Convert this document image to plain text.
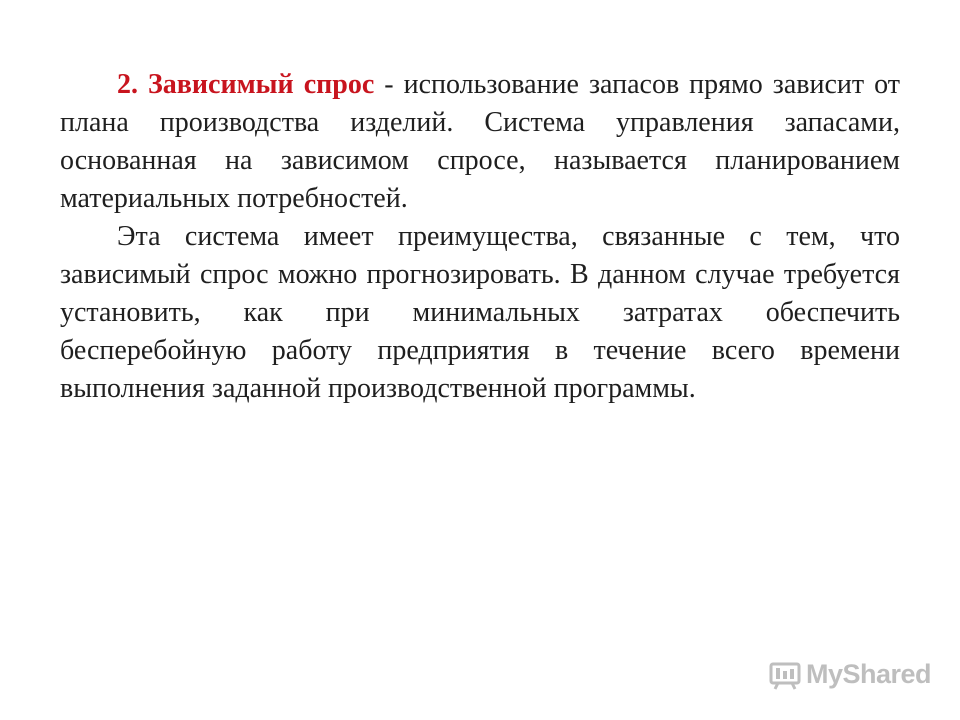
2. Зависимый спрос - использование запасов прямо зависит от плана производства изделий. Система управления запасами, основанная на зависимом спросе, называется планированием материальных потребностей.

Эта система имеет преимущества, связанные с тем, что зависимый спрос можно прогнозировать. В данном случае требуется установить, как при минимальных затратах обеспечить бесперебойную работу предприятия в течение всего времени выполнения заданной производственной программы.

MyShared
